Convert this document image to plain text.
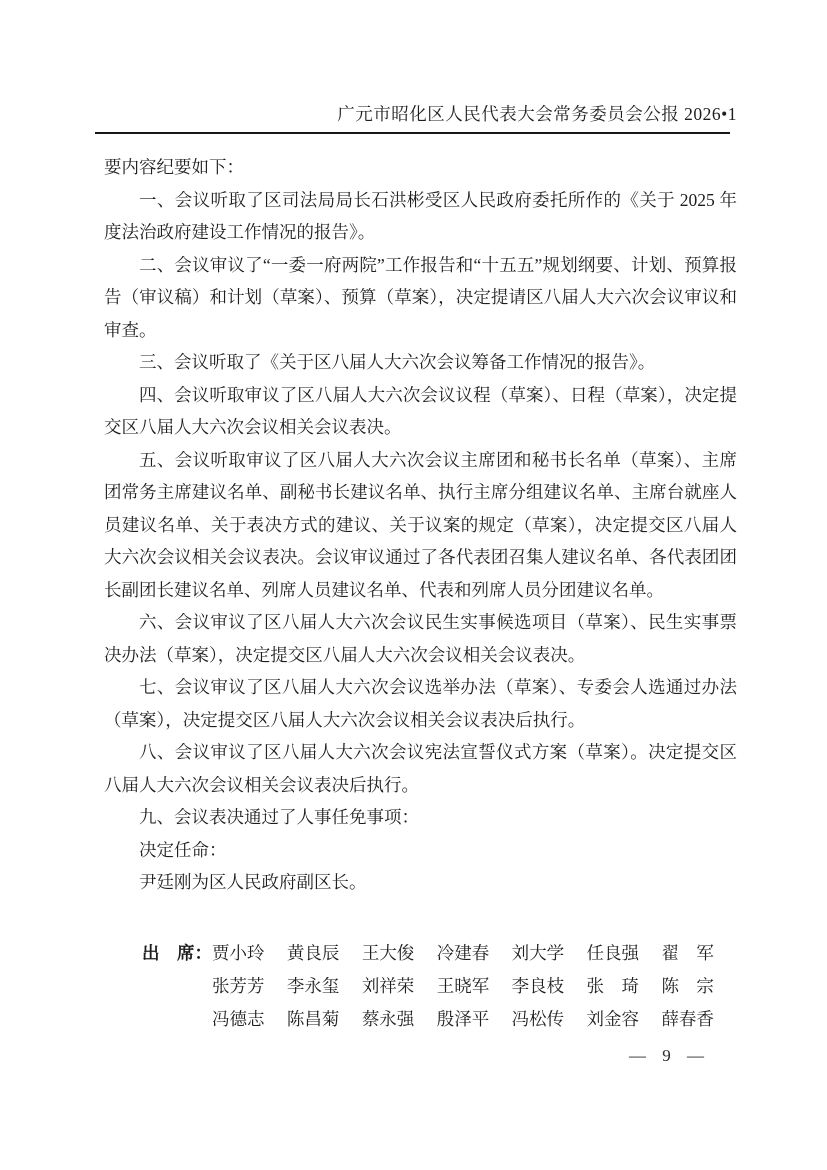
广元市昭化区人民代表大会常务委员会公报 2026•1

要内容纪要如下：

一、会议听取了区司法局局长石洪彬受区人民政府委托所作的《关于 2025 年度法治政府建设工作情况的报告》。

二、会议审议了“一委一府两院”工作报告和“十五五”规划纲要、计划、预算报告（审议稿）和计划（草案）、预算（草案），决定提请区八届人大六次会议审议和审查。

三、会议听取了《关于区八届人大六次会议筹备工作情况的报告》。

四、会议听取审议了区八届人大六次会议议程（草案）、日程（草案），决定提交区八届人大六次会议相关会议表决。

五、会议听取审议了区八届人大六次会议主席团和秘书长名单（草案）、主席团常务主席建议名单、副秘书长建议名单、执行主席分组建议名单、主席台就座人员建议名单、关于表决方式的建议、关于议案的规定（草案），决定提交区八届人大六次会议相关会议表决。会议审议通过了各代表团召集人建议名单、各代表团团长副团长建议名单、列席人员建议名单、代表和列席人员分团建议名单。

六、会议审议了区八届人大六次会议民生实事候选项目（草案）、民生实事票决办法（草案），决定提交区八届人大六次会议相关会议表决。

七、会议审议了区八届人大六次会议选举办法（草案）、专委会人选通过办法（草案），决定提交区八届人大六次会议相关会议表决后执行。

八、会议审议了区八届人大六次会议宪法宣誓仪式方案（草案）。决定提交区八届人大六次会议相关会议表决后执行。

九、会议表决通过了人事任免事项：

决定任命：

尹廷刚为区人民政府副区长。

出　席： 贾小玲 黄良辰 王大俊 冷建春 刘大学 任良强 翟　军
张芳芳 李永玺 刘祥荣 王晓军 李良枝 张　琦 陈　宗
冯德志 陈昌菊 蔡永强 殷泽平 冯松传 刘金容 薛春香
— 9 —
